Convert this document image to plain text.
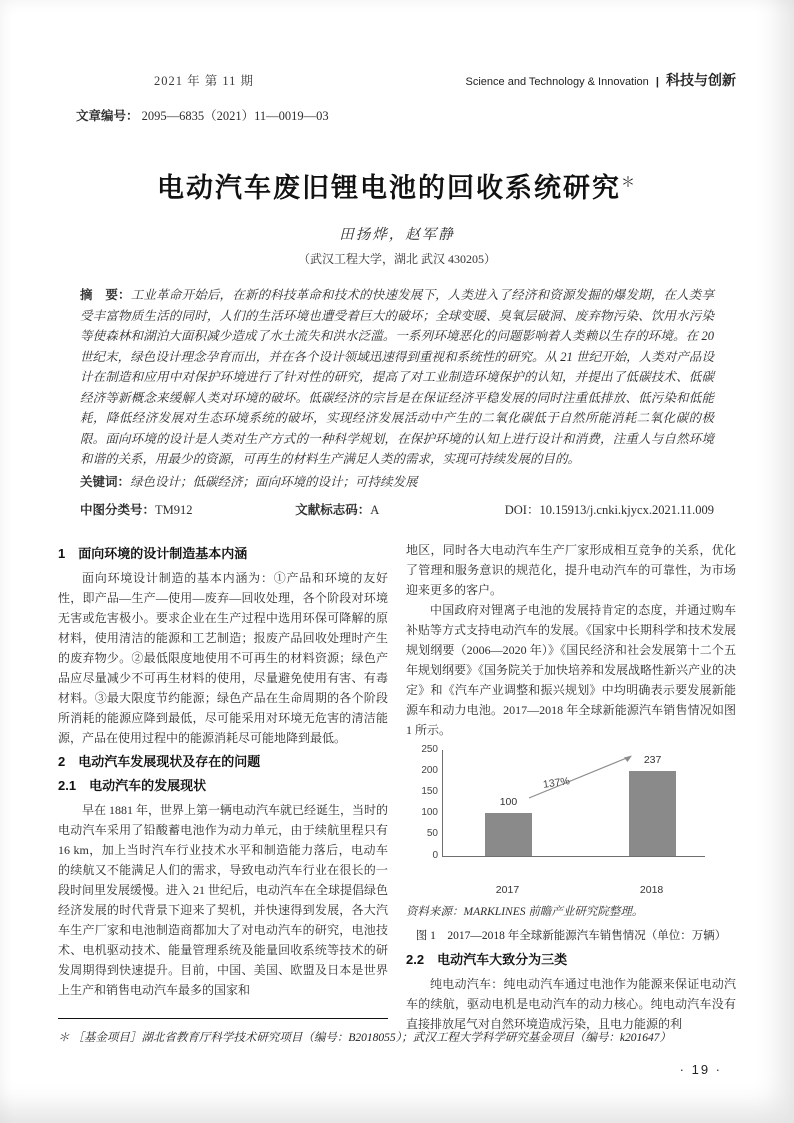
2021 年 第 11 期	Science and Technology & Innovation | 科技与创新
文章编号： 2095—6835（2021）11—0019—03
电动汽车废旧锂电池的回收系统研究＊
田扬烨，赵军静
（武汉工程大学，湖北 武汉 430205）
摘　要：工业革命开始后，在新的科技革命和技术的快速发展下，人类进入了经济和资源发掘的爆发期，在人类享受丰富物质生活的同时，人们的生活环境也遭受着巨大的破坏；全球变暖、臭氧层破洞、废弃物污染、饮用水污染等使森林和湖泊大面积减少造成了水土流失和洪水泛滥。一系列环境恶化的问题影响着人类赖以生存的环境。在 20 世纪末，绿色设计理念孕育而出，并在各个设计领域迅速得到重视和系统性的研究。从 21 世纪开始，人类对产品设计在制造和应用中对保护环境进行了针对性的研究，提高了对工业制造环境保护的认知，并提出了低碳技术、低碳经济等新概念来缓解人类对环境的破坏。低碳经济的宗旨是在保证经济平稳发展的同时注重低排放、低污染和低能耗，降低经济发展对生态环境系统的破坏，实现经济发展活动中产生的二氧化碳低于自然所能消耗二氧化碳的极限。面向环境的设计是人类对生产方式的一种科学规划，在保护环境的认知上进行设计和消费，注重人与自然环境和谐的关系，用最少的资源，可再生的材料生产满足人类的需求，实现可持续发展的目的。
关键词：绿色设计；低碳经济；面向环境的设计；可持续发展
中图分类号：TM912	文献标志码：A	DOI：10.15913/j.cnki.kjycx.2021.11.009
1　面向环境的设计制造基本内涵

面向环境设计制造的基本内涵为：①产品和环境的友好性，即产品—生产—使用—废弃—回收处理，各个阶段对环境无害或危害极小。要求企业在生产过程中选用环保可降解的原材料，使用清洁的能源和工艺制造；报废产品回收处理时产生的废弃物少。②最低限度地使用不可再生的材料资源；绿色产品应尽量减少不可再生材料的使用，尽量避免使用有害、有毒材料。③最大限度节约能源；绿色产品在生命周期的各个阶段所消耗的能源应降到最低，尽可能采用对环境无危害的清洁能源，产品在使用过程中的能源消耗尽可能地降到最低。

2　电动汽车发展现状及存在的问题
2.1　电动汽车的发展现状

早在 1881 年，世界上第一辆电动汽车就已经诞生，当时的电动汽车采用了铅酸蓄电池作为动力单元，由于续航里程只有 16 km，加上当时汽车行业技术水平和制造能力落后，电动车的续航又不能满足人们的需求，导致电动汽车行业在很长的一段时间里发展缓慢。进入 21 世纪后，电动汽车在全球提倡绿色经济发展的时代背景下迎来了契机，并快速得到发展，各大汽车生产厂家和电池制造商都加大了对电动汽车的研究，电池技术、电机驱动技术、能量管理系统及能量回收系统等技术的研发周期得到快速提升。目前，中国、美国、欧盟及日本是世界上生产和销售电动汽车最多的国家和

地区，同时各大电动汽车生产厂家形成相互竞争的关系，优化了管理和服务意识的规范化，提升电动汽车的可靠性，为市场迎来更多的客户。

中国政府对锂离子电池的发展持肯定的态度，并通过购车补贴等方式支持电动汽车的发展。《国家中长期科学和技术发展规划纲要（2006—2020 年）》《国民经济和社会发展第十二个五年规划纲要》《国务院关于加快培养和发展战略性新兴产业的决定》和《汽车产业调整和振兴规划》中均明确表示要发展新能源车和动力电池。2017—2018 年全球新能源汽车销售情况如图 1 所示。

250
200
150
100
50
0
100
237
137%
2017	2018

资料来源：MARKLINES 前瞻产业研究院整理。

图 1　2017—2018 年全球新能源汽车销售情况（单位：万辆）
2.2　电动汽车大致分为三类

纯电动汽车：纯电动汽车通过电池作为能源来保证电动汽车的续航，驱动电机是电动汽车的动力核心。纯电动汽车没有直接排放尾气对自然环境造成污染，且电力能源的利

＊ ［基金项目］湖北省教育厅科学技术研究项目（编号：B2018055）；武汉工程大学科学研究基金项目（编号：k201647）
· 19 ·
